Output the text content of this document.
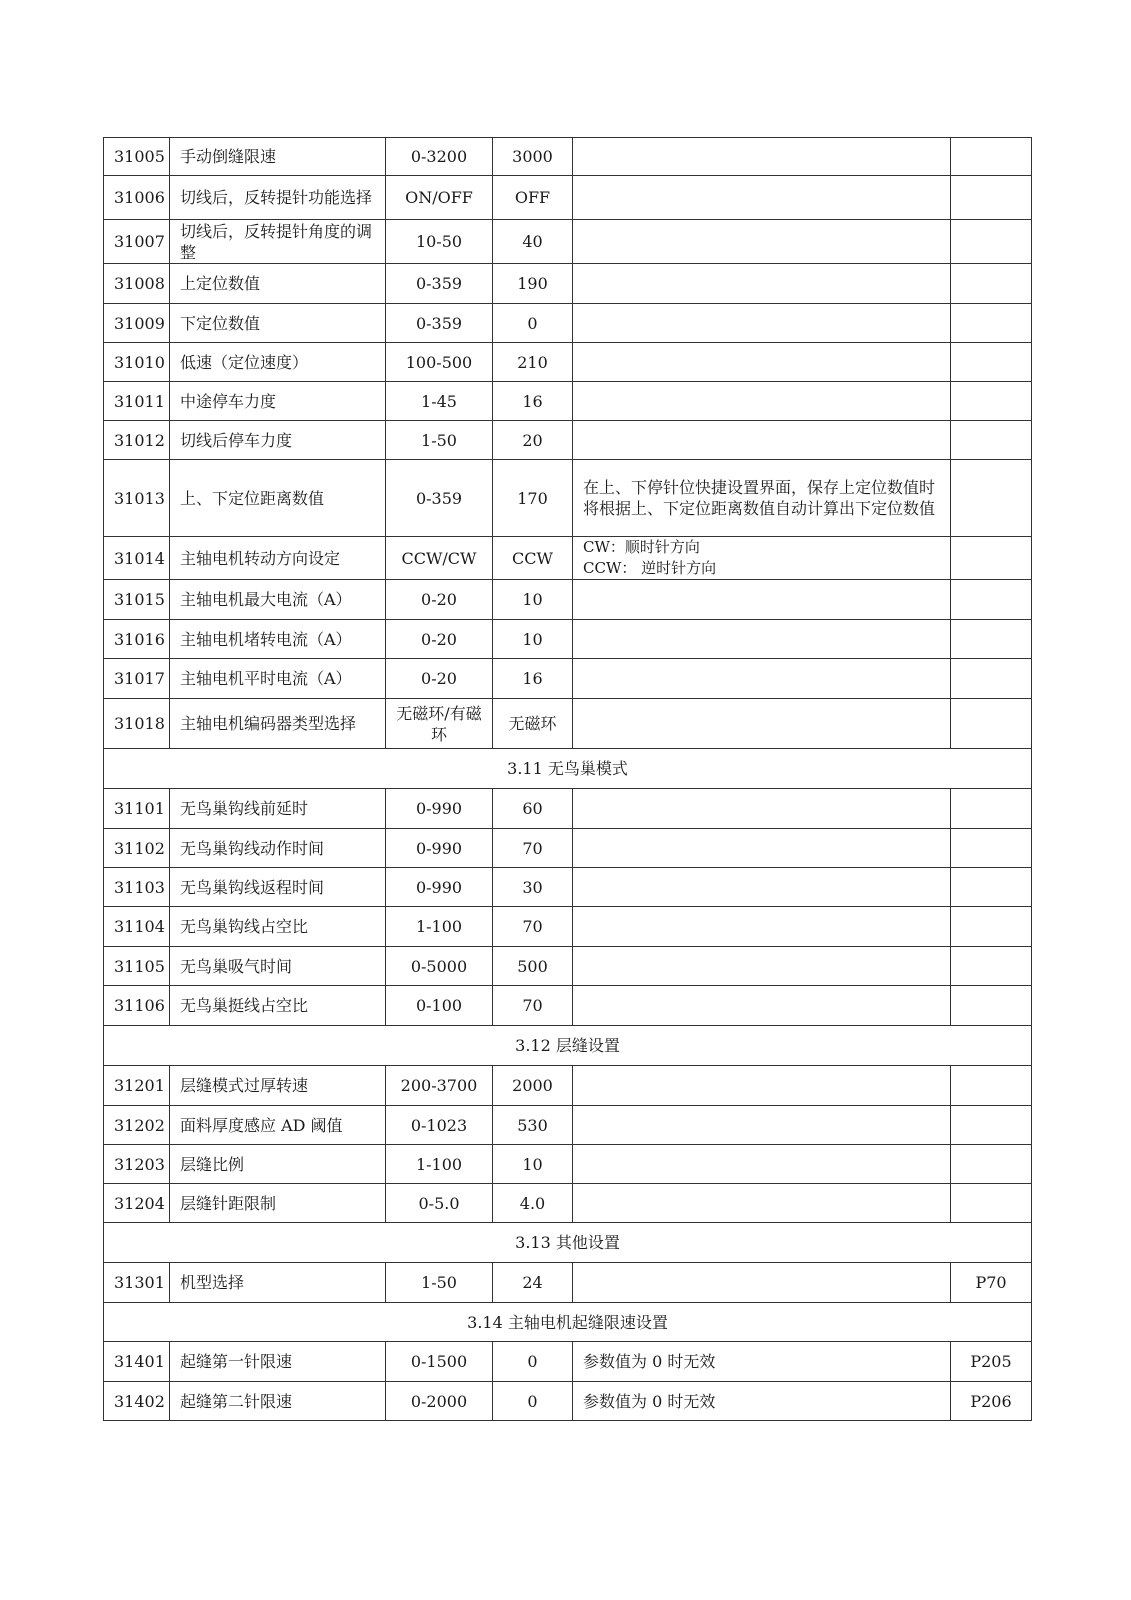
31005	手动倒缝限速	0-3200	3000		
31006	切线后，反转提针功能选择	ON/OFF	OFF		
31007	切线后，反转提针角度的调整	10-50	40		
31008	上定位数值	0-359	190		
31009	下定位数值	0-359	0		
31010	低速（定位速度）	100-500	210		
31011	中途停车力度	1-45	16		
31012	切线后停车力度	1-50	20		
31013	上、下定位距离数值	0-359	170	在上、下停针位快捷设置界面，保存上定位数值时将根据上、下定位距离数值自动计算出下定位数值	

31014	主轴电机转动方向设定	CCW/CW	CCW	CW：顺时针方向
CCW： 逆时针方向	

31015	主轴电机最大电流（A）	0-20	10		
31016	主轴电机堵转电流（A）	0-20	10		
31017	主轴电机平时电流（A）	0-20	16		
31018	主轴电机编码器类型选择	无磁环/有磁环	无磁环		
3.11 无鸟巢模式					
31101	无鸟巢钩线前延时	0-990	60		
31102	无鸟巢钩线动作时间	0-990	70		
31103	无鸟巢钩线返程时间	0-990	30		
31104	无鸟巢钩线占空比	1-100	70		
31105	无鸟巢吸气时间	0-5000	500		
31106	无鸟巢挺线占空比	0-100	70		
3.12 层缝设置					
31201	层缝模式过厚转速	200-3700	2000		
31202	面料厚度感应 AD 阈值	0-1023	530		
31203	层缝比例	1-100	10		
31204	层缝针距限制	0-5.0	4.0		
3.13 其他设置					
31301	机型选择	1-50	24		P70
3.14 主轴电机起缝限速设置					
31401	起缝第一针限速	0-1500	0	参数值为 0 时无效	P205
31402	起缝第二针限速	0-2000	0	参数值为 0 时无效	P206
